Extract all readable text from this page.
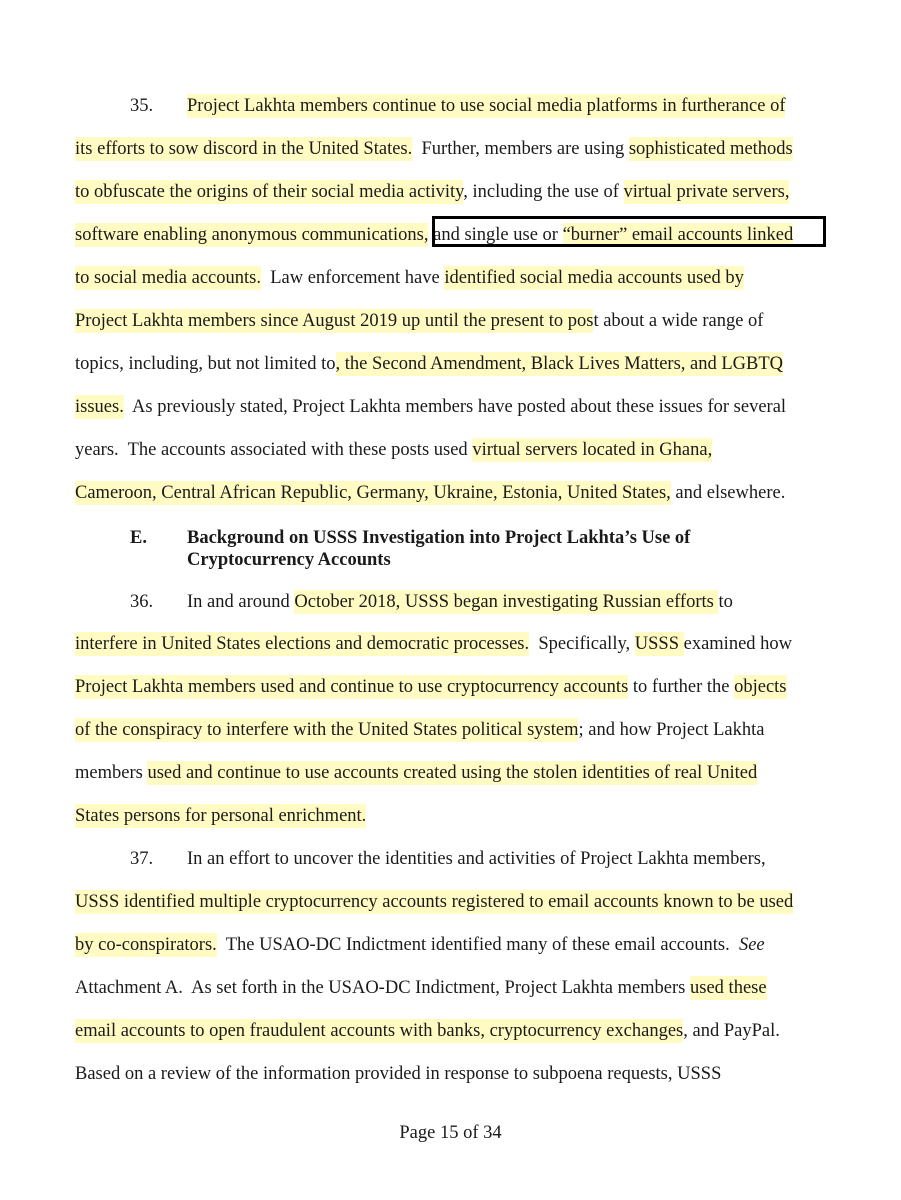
35. Project Lakhta members continue to use social media platforms in furtherance of
its efforts to sow discord in the United States.  Further, members are using sophisticated methods
to obfuscate the origins of their social media activity, including the use of virtual private servers,
software enabling anonymous communications, and single use or “burner” email accounts linked
to social media accounts.  Law enforcement have identified social media accounts used by
Project Lakhta members since August 2019 up until the present to post about a wide range of
topics, including, but not limited to, the Second Amendment, Black Lives Matters, and LGBTQ
issues.  As previously stated, Project Lakhta members have posted about these issues for several
years.  The accounts associated with these posts used virtual servers located in Ghana,
Cameroon, Central African Republic, Germany, Ukraine, Estonia, United States, and elsewhere.
E. Background on USSS Investigation into Project Lakhta’s Use of
Cryptocurrency Accounts
36. In and around October 2018, USSS began investigating Russian efforts to
interfere in United States elections and democratic processes.  Specifically, USSS examined how
Project Lakhta members used and continue to use cryptocurrency accounts to further the objects
of the conspiracy to interfere with the United States political system; and how Project Lakhta
members used and continue to use accounts created using the stolen identities of real United
States persons for personal enrichment.
37. In an effort to uncover the identities and activities of Project Lakhta members,
USSS identified multiple cryptocurrency accounts registered to email accounts known to be used
by co-conspirators.  The USAO-DC Indictment identified many of these email accounts.  See
Attachment A.  As set forth in the USAO-DC Indictment, Project Lakhta members used these
email accounts to open fraudulent accounts with banks, cryptocurrency exchanges, and PayPal.
Based on a review of the information provided in response to subpoena requests, USSS
Page 15 of 34
